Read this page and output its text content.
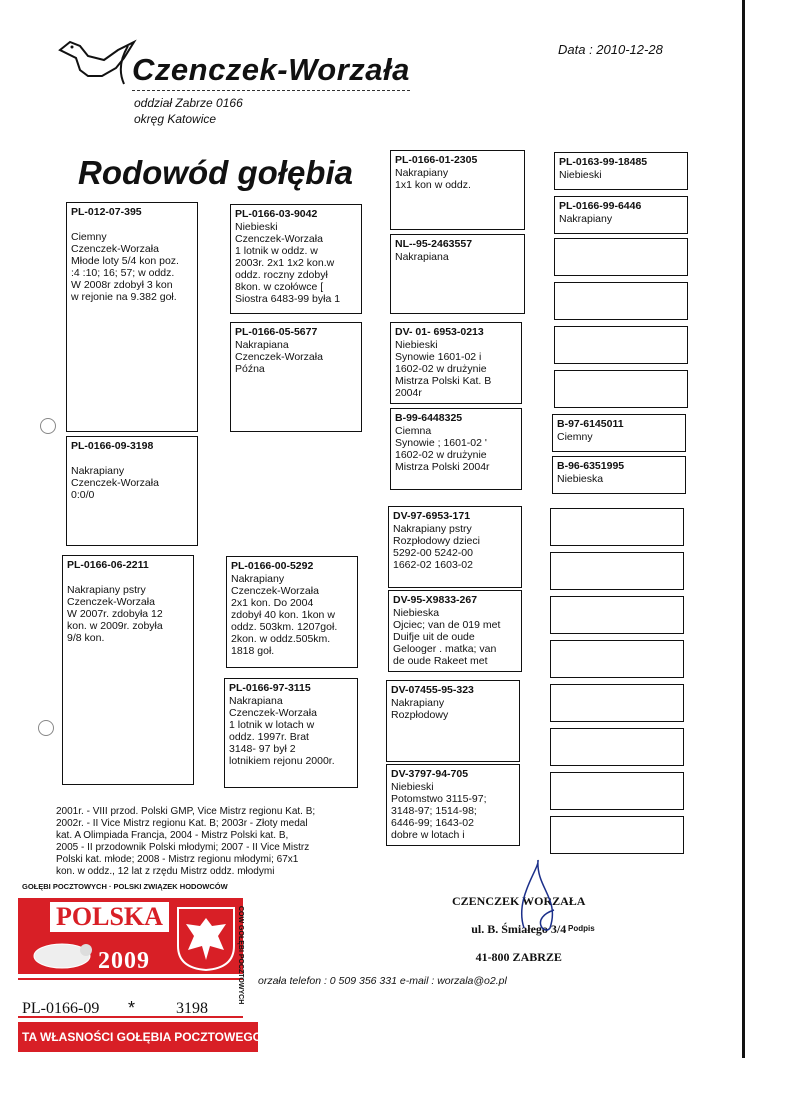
Czenczek-Worzała
oddział Zabrze 0166
okręg Katowice
Data : 2010-12-28
Rodowód gołębia
PL-012-07-395

Ciemny
Czenczek-Worzała
Młode loty 5/4 kon poz.
:4 :10; 16; 57; w oddz.
W 2008r zdobył 3 kon
w rejonie na 9.382 goł.
PL-0166-09-3198

Nakrapiany
Czenczek-Worzała
0:0/0
PL-0166-06-2211

Nakrapiany pstry
Czenczek-Worzała
W 2007r. zdobyła 12
kon. w 2009r. zobyła
9/8 kon.
PL-0166-03-9042
Niebieski
Czenczek-Worzała
1 lotnik w oddz. w
2003r. 2x1 1x2 kon.w
oddz. roczny zdobył
8kon. w czołówce [
Siostra 6483-99 była 1
PL-0166-05-5677
Nakrapiana
Czenczek-Worzała
Późna
PL-0166-00-5292
Nakrapiany
Czenczek-Worzała
2x1 kon. Do 2004
zdobył 40 kon. 1kon w
oddz. 503km. 1207goł.
2kon. w oddz.505km.
1818 goł.
PL-0166-97-3115
Nakrapiana
Czenczek-Worzała
1 lotnik w lotach w
oddz. 1997r. Brat
3148- 97 był 2
lotnikiem rejonu 2000r.
PL-0166-01-2305
Nakrapiany
1x1 kon w oddz.
NL--95-2463557
Nakrapiana
DV- 01- 6953-0213
Niebieski
Synowie 1601-02 i
1602-02 w drużynie
Mistrza Polski Kat. B
2004r
B-99-6448325
Ciemna
Synowie ; 1601-02 '
1602-02 w drużynie
Mistrza Polski 2004r
DV-97-6953-171
Nakrapiany pstry
Rozpłodowy dzieci
5292-00 5242-00
1662-02 1603-02
DV-95-X9833-267
Niebieska
Ojciec; van de 019 met
Duifje uit de oude
Gelooger . matka; van
de oude Rakeet met
DV-07455-95-323
Nakrapiany
Rozpłodowy
DV-3797-94-705
Niebieski
Potomstwo 3115-97;
3148-97; 1514-98;
6446-99; 1643-02
dobre w lotach i
PL-0163-99-18485
Niebieski
PL-0166-99-6446
Nakrapiany
B-97-6145011
Ciemny
B-96-6351995
Niebieska
2001r. - VIII przod. Polski GMP, Vice Mistrz regionu Kat. B;
2002r. - II Vice Mistrz regionu Kat. B; 2003r - Złoty medal
kat. A Olimpiada Francja, 2004 - Mistrz Polski kat. B,
2005 - II przodownik Polski młodymi; 2007 - II Vice Mistrz
Polski kat. młode; 2008 - Mistrz regionu młodymi; 67x1
kon. w oddz., 12 lat z rzędu Mistrz oddz. młodymi

CZENCZEK WORZAŁA

ul. B. Śmiałego 3/4

41-800 ZABRZE

Podpis
orzała telefon : 0 509 356 331 e-mail : worzala@o2.pl
GOŁĘBI POCZTOWYCH · POLSKI ZWIĄZEK HODOWCÓW
POLSKA
2009
PL-0166-09 *	3198
CÓW GOŁĘBI POCZTOWYCH
TA WŁASNOŚCI GOŁĘBIA POCZTOWEGO
